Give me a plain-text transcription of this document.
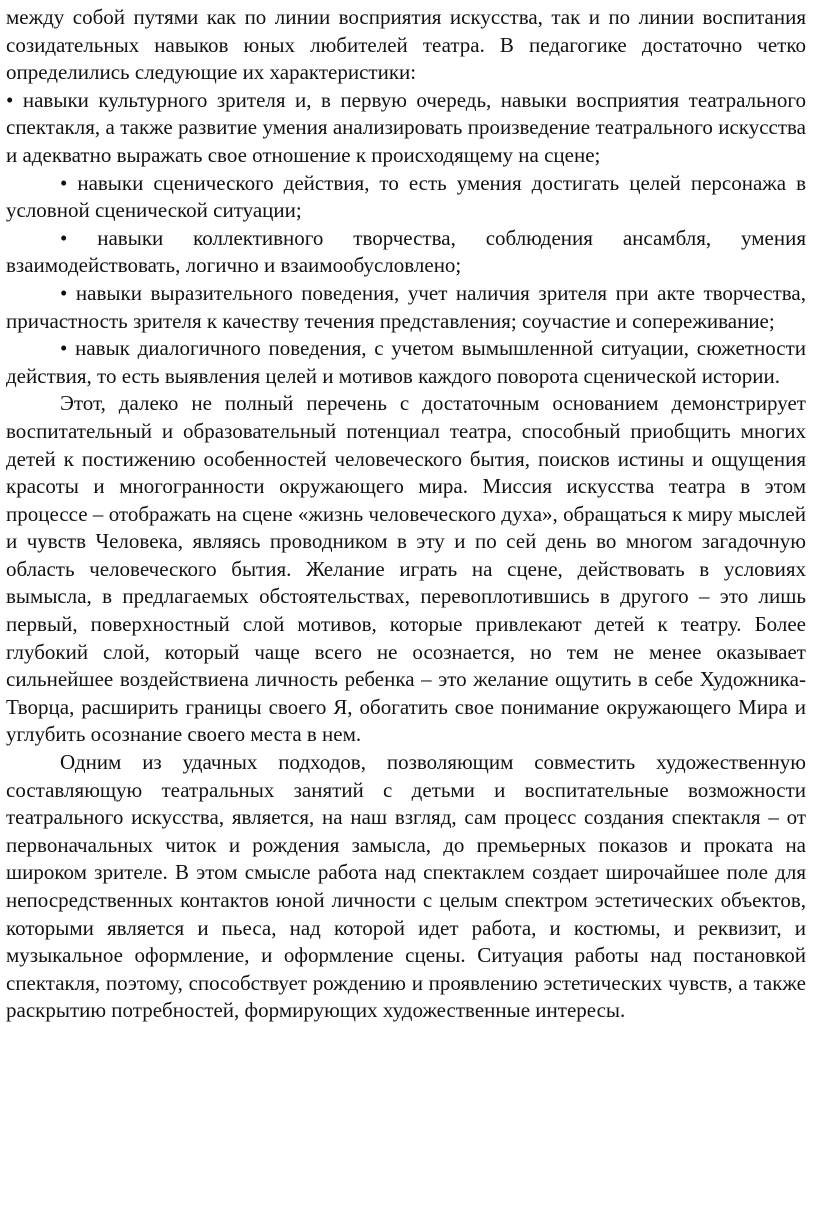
между собой путями как по линии восприятия искусства, так и по линии воспитания созидательных навыков юных любителей театра. В педагогике достаточно четко определились следующие их характеристики:

• навыки культурного зрителя и, в первую очередь, навыки восприятия театрального спектакля, а также развитие умения анализировать произведение театрального искусства и адекватно выражать свое отношение к происходящему на сцене;

• навыки сценического действия, то есть умения достигать целей персонажа в условной сценической ситуации;

• навыки коллективного творчества, соблюдения ансамбля, умения взаимодействовать, логично и взаимообусловлено;

• навыки выразительного поведения, учет наличия зрителя при акте творчества, причастность зрителя к качеству течения представления; соучастие и сопереживание;

• навык диалогичного поведения, с учетом вымышленной ситуации, сюжетности действия, то есть выявления целей и мотивов каждого поворота сценической истории.

Этот, далеко не полный перечень с достаточным основанием демонстрирует воспитательный и образовательный потенциал театра, способный приобщить многих детей к постижению особенностей человеческого бытия, поисков истины и ощущения красоты и многогранности окружающего мира. Миссия искусства театра в этом процессе – отображать на сцене «жизнь человеческого духа», обращаться к миру мыслей и чувств Человека, являясь проводником в эту и по сей день во многом загадочную область человеческого бытия. Желание играть на сцене, действовать в условиях вымысла, в предлагаемых обстоятельствах, перевоплотившись в другого – это лишь первый, поверхностный слой мотивов, которые привлекают детей к театру. Более глубокий слой, который чаще всего не осознается, но тем не менее оказывает сильнейшее воздействиена личность ребенка – это желание ощутить в себе Художника-Творца, расширить границы своего Я, обогатить свое понимание окружающего Мира и углубить осознание своего места в нем.

Одним из удачных подходов, позволяющим совместить художественную составляющую театральных занятий с детьми и воспитательные возможности театрального искусства, является, на наш взгляд, сам процесс создания спектакля – от первоначальных читок и рождения замысла, до премьерных показов и проката на широком зрителе. В этом смысле работа над спектаклем создает широчайшее поле для непосредственных контактов юной личности с целым спектром эстетических объектов, которыми является и пьеса, над которой идет работа, и костюмы, и реквизит, и музыкальное оформление, и оформление сцены. Ситуация работы над постановкой спектакля, поэтому, способствует рождению и проявлению эстетических чувств, а также раскрытию потребностей, формирующих художественные интересы.
